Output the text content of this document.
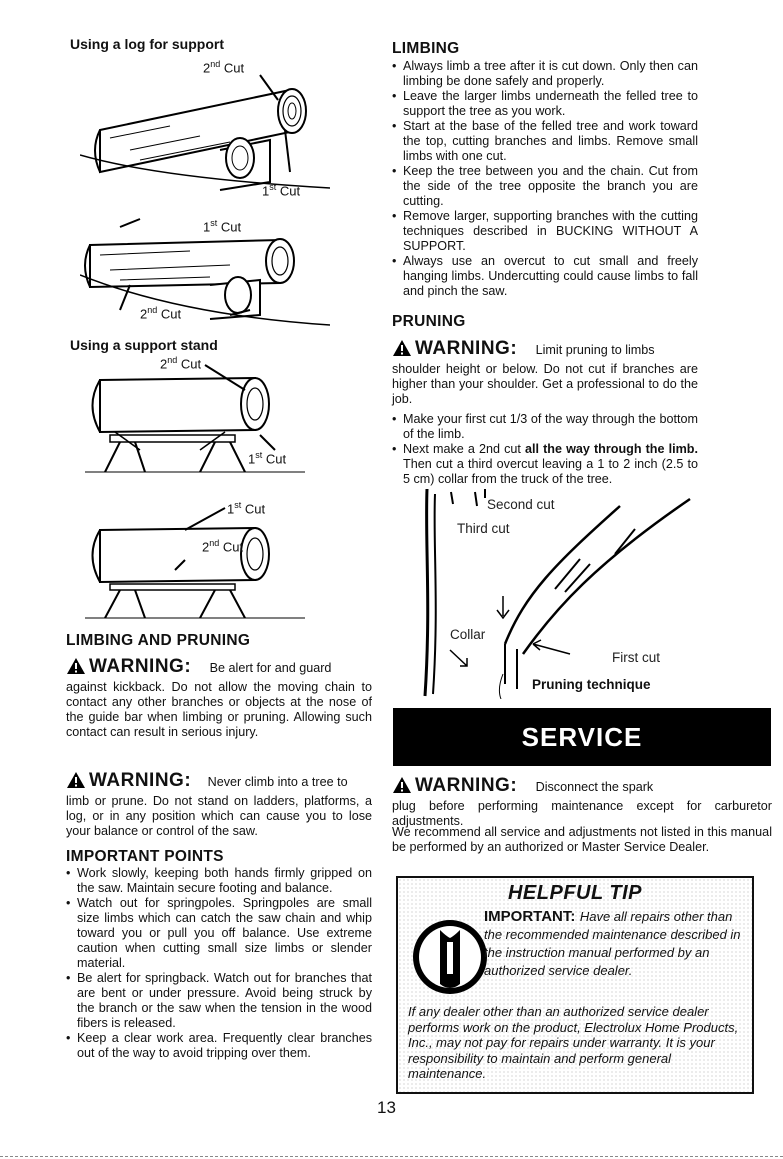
Using a log for support
2nd Cut
1st Cut
1st Cut
2nd Cut
Using a support stand
2nd Cut
1st Cut
1st Cut
2nd Cut
LIMBING AND PRUNING
WARNING: Be alert for and guard
against kickback. Do not allow the moving chain to contact any other branches or objects at the nose of the guide bar when limbing or pruning. Allowing such contact can result in serious injury.
WARNING: Never climb into a tree to
limb or prune. Do not stand on ladders, platforms, a log, or in any position which can cause you to lose your balance or control of the saw.
IMPORTANT POINTS
• Work slowly, keeping both hands firmly gripped on the saw. Maintain secure footing and balance.
• Watch out for springpoles. Springpoles are small size limbs which can catch the saw chain and whip toward you or pull you off balance. Use extreme caution when cutting small size limbs or slender material.
• Be alert for springback. Watch out for branches that are bent or under pressure. Avoid being struck by the branch or the saw when the tension in the wood fibers is released.
• Keep a clear work area. Frequently clear branches out of the way to avoid tripping over them.
LIMBING
• Always limb a tree after it is cut down. Only then can limbing be done safely and properly.
• Leave the larger limbs underneath the felled tree to support the tree as you work.
• Start at the base of the felled tree and work toward the top, cutting branches and limbs. Remove small limbs with one cut.
• Keep the tree between you and the chain. Cut from the side of the tree opposite the branch you are cutting.
• Remove larger, supporting branches with the cutting techniques described in BUCKING WITHOUT A SUPPORT.
• Always use an overcut to cut small and freely hanging limbs. Undercutting could cause limbs to fall and pinch the saw.
PRUNING
WARNING: Limit pruning to limbs
shoulder height or below. Do not cut if branches are higher than your shoulder. Get a professional to do the job.
• Make your first cut 1/3 of the way through the bottom of the limb.
• Next make a 2nd cut all the way through the limb. Then cut a third overcut leaving a 1 to 2 inch (2.5 to 5 cm) collar from the truck of the tree.
Second cut
Third cut
Collar
First cut
Pruning technique
SERVICE
WARNING: Disconnect the spark
plug before performing maintenance except for carburetor adjustments.
We recommend all service and adjustments not listed in this manual be performed by an authorized or Master Service Dealer.
HELPFUL TIP
IMPORTANT: Have all repairs other than the recommended maintenance described in the instruction manual performed by an authorized service dealer.
If any dealer other than an authorized service dealer performs work on the product, Electrolux Home Products, Inc., may not pay for repairs under warranty. It is your responsibility to maintain and perform general maintenance.
13
